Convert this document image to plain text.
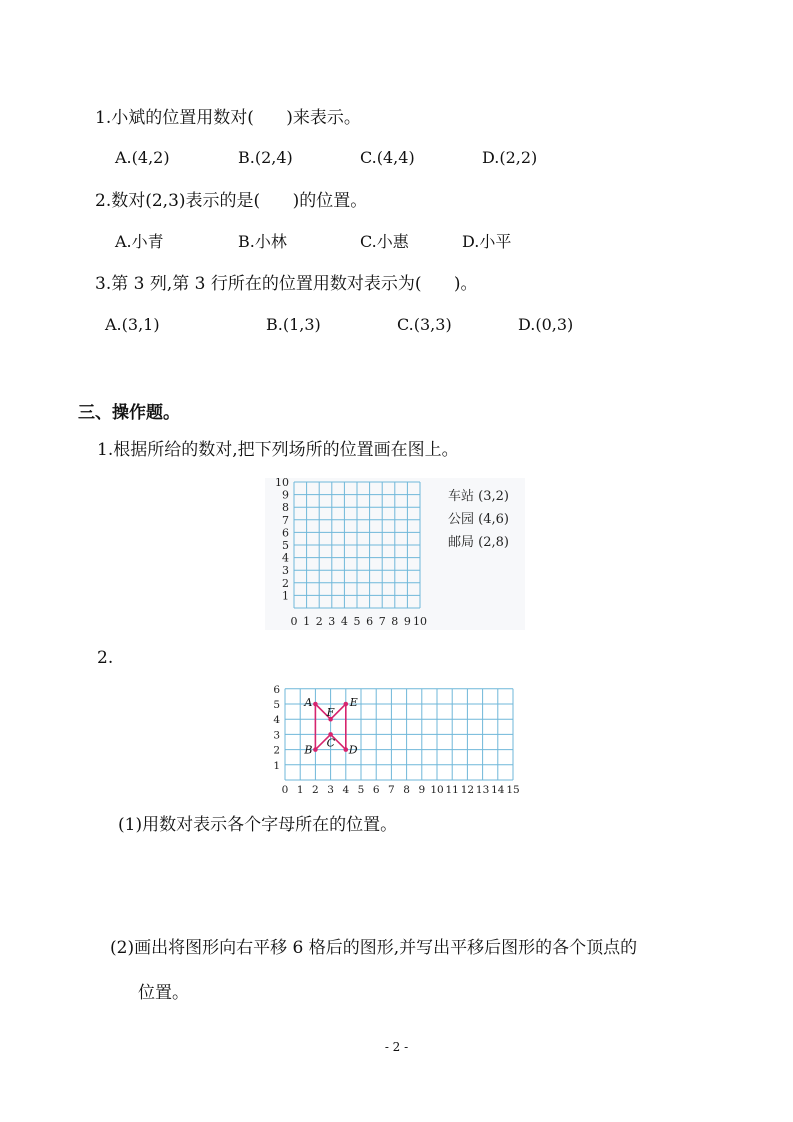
1.小斌的位置用数对(      )来表示。
A.(4,2)	B.(2,4)	C.(4,4)	D.(2,2)
2.数对(2,3)表示的是(      )的位置。
A.小青	B.小林	C.小惠	D.小平
3.第 3 列,第 3 行所在的位置用数对表示为(      )。
A.(3,1)	B.(1,3)	C.(3,3)	D.(0,3)
三、操作题。
1.根据所给的数对,把下列场所的位置画在图上。
0 1 2 3 4 5 6 7 8 9 10
1
2
3
4
5
6
7
8
9
10
车站 (3,2)
公园 (4,6)
邮局 (2,8)
2.
A	E
F
C
B	D
0 1 2 3 4 5 6 7 8 9 10 11 12 13 14 15
1
2
3
4
5
6
(1)用数对表示各个字母所在的位置。
(2)画出将图形向右平移 6 格后的图形,并写出平移后图形的各个顶点的
位置。
- 2 -
